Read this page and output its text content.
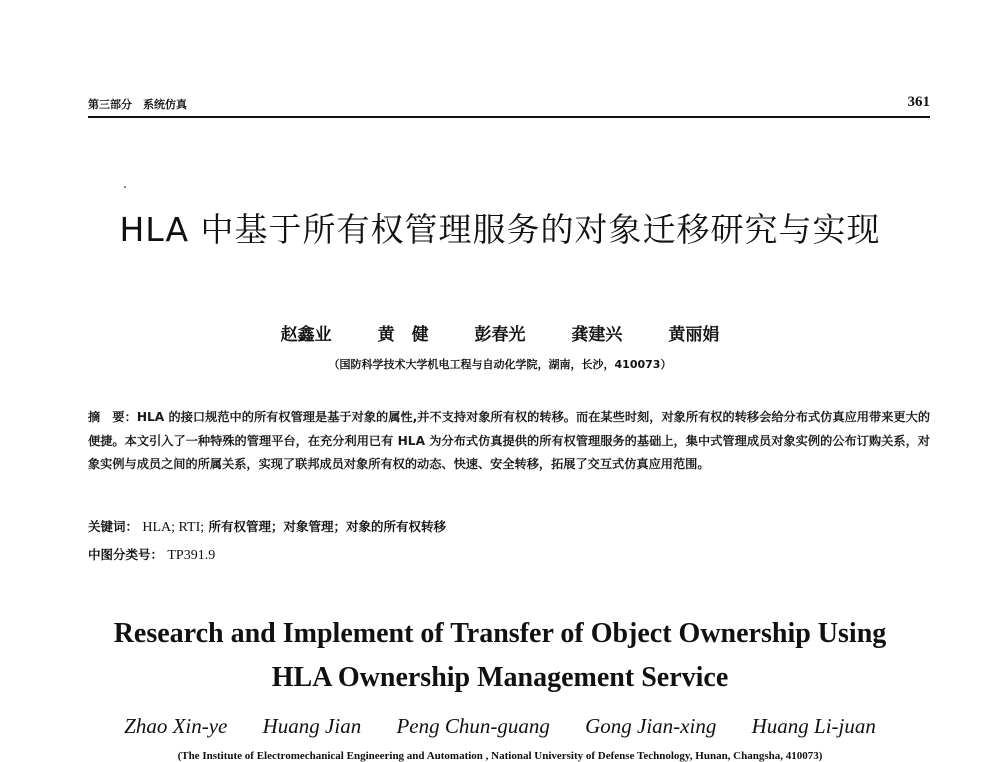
第三部分　系统仿真	361
HLA 中基于所有权管理服务的对象迁移研究与实现
赵鑫业	黄　健	彭春光	龚建兴	黄丽娟
（国防科学技术大学机电工程与自动化学院，湖南，长沙，410073）
摘　要：HLA 的接口规范中的所有权管理是基于对象的属性,并不支持对象所有权的转移。而在某些时刻，对象所有权的转移会给分布式仿真应用带来更大的便捷。本文引入了一种特殊的管理平台，在充分利用已有 HLA 为分布式仿真提供的所有权管理服务的基础上，集中式管理成员对象实例的公布订购关系，对象实例与成员之间的所属关系，实现了联邦成员对象所有权的动态、快速、安全转移，拓展了交互式仿真应用范围。
关键词： HLA; RTI; 所有权管理；对象管理；对象的所有权转移
中图分类号： TP391.9
Research and Implement of Transfer of Object Ownership Using
HLA Ownership Management Service
Zhao Xin-ye Huang Jian Peng Chun-guang Gong Jian-xing Huang Li-juan
(The Institute of Electromechanical Engineering and Automation , National University of Defense Technology, Hunan, Changsha, 410073)
